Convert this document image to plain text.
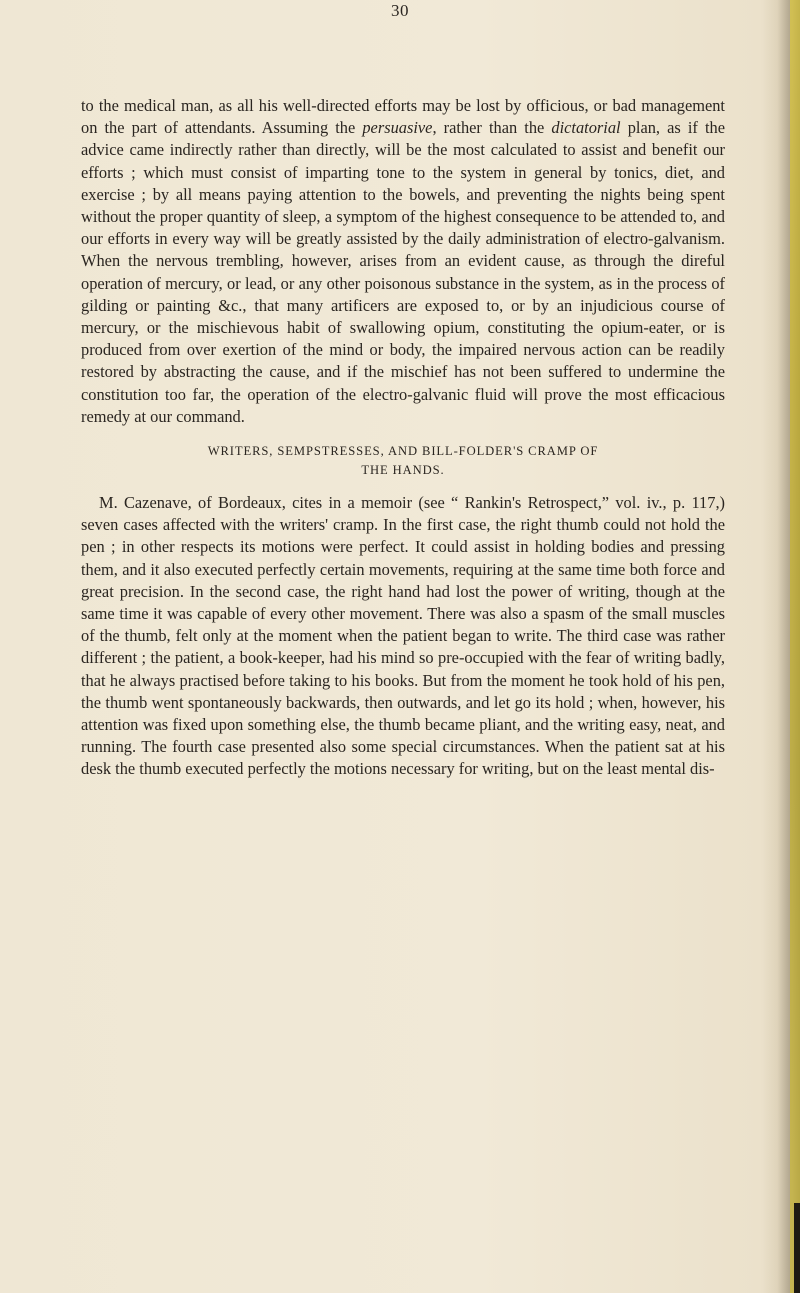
30

to the medical man, as all his well-directed efforts may be lost by officious, or bad management on the part of attendants. Assuming the persuasive, rather than the dictatorial plan, as if the advice came indirectly rather than directly, will be the most calculated to assist and benefit our efforts ; which must consist of imparting tone to the system in general by tonics, diet, and exercise ; by all means paying attention to the bowels, and preventing the nights being spent without the proper quantity of sleep, a symptom of the highest consequence to be attended to, and our efforts in every way will be greatly assisted by the daily administration of electro-galvanism. When the nervous trembling, however, arises from an evident cause, as through the direful operation of mercury, or lead, or any other poisonous substance in the system, as in the process of gilding or painting &c., that many artificers are exposed to, or by an injudicious course of mercury, or the mischievous habit of swallowing opium, constituting the opium-eater, or is produced from over exertion of the mind or body, the impaired nervous action can be readily restored by abstracting the cause, and if the mischief has not been suffered to undermine the constitution too far, the operation of the electro-galvanic fluid will prove the most efficacious remedy at our command.

WRITERS, SEMPSTRESSES, AND BILL-FOLDER'S CRAMP OF
THE HANDS.

M. Cazenave, of Bordeaux, cites in a memoir (see “ Rankin's Retrospect,” vol. iv., p. 117,) seven cases affected with the writers' cramp. In the first case, the right thumb could not hold the pen ; in other respects its motions were perfect. It could assist in holding bodies and pressing them, and it also executed perfectly certain movements, requiring at the same time both force and great precision. In the second case, the right hand had lost the power of writing, though at the same time it was capable of every other movement. There was also a spasm of the small muscles of the thumb, felt only at the moment when the patient began to write. The third case was rather different ; the patient, a book-keeper, had his mind so pre-occupied with the fear of writing badly, that he always practised before taking to his books. But from the moment he took hold of his pen, the thumb went spontaneously backwards, then outwards, and let go its hold ; when, however, his attention was fixed upon something else, the thumb became pliant, and the writing easy, neat, and running. The fourth case presented also some special circumstances. When the patient sat at his desk the thumb executed perfectly the motions necessary for writing, but on the least mental dis-
